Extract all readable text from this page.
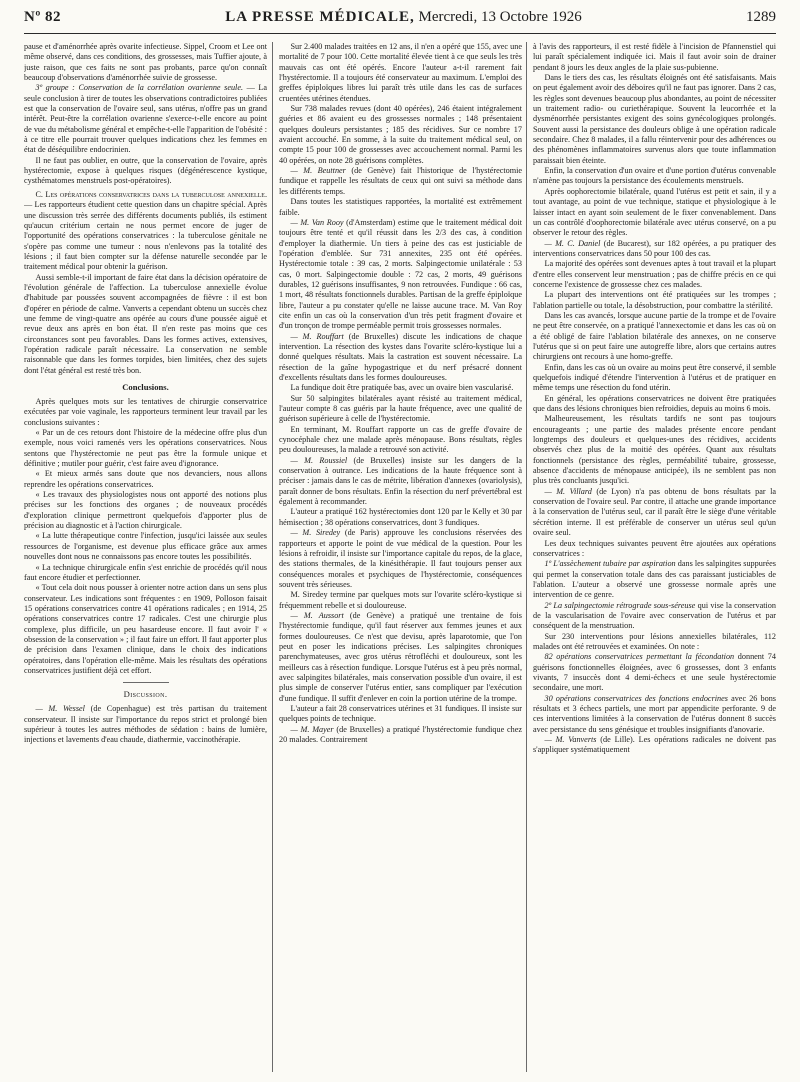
Nº 82	LA PRESSE MÉDICALE, Mercredi, 13 Octobre 1926	1289

pause et d'aménorrhée après ovarite infectieuse. Sippel, Croom et Lee ont même observé, dans ces conditions, des grossesses, mais Tuffier ajoute, à juste raison, que ces faits ne sont pas probants, parce qu'on connaît beaucoup d'observations d'aménorrhée suivie de grossesse.

3º groupe : Conservation de la corrélation ovarienne seule. — La seule conclusion à tirer de toutes les observations contradictoires publiées est que la conservation de l'ovaire seul, sans utérus, n'offre pas un grand intérêt. Peut-être la corrélation ovarienne s'exerce-t-elle encore au point de vue du métabolisme général et empêche-t-elle l'apparition de l'obésité : à ce titre elle pourrait trouver quelques indications chez les femmes en état de déséquilibre endocrinien.

Il ne faut pas oublier, en outre, que la conservation de l'ovaire, après hystérectomie, expose à quelques risques (dégénérescence kystique, cysthématomes menstruels post-opératoires).

C. Les opérations conservatrices dans la tuberculose annexielle. — Les rapporteurs étudient cette question dans un chapitre spécial. Après une discussion très serrée des différents documents publiés, ils estiment qu'aucun critérium certain ne nous permet encore de juger de l'opportunité des opérations conservatrices : la tuberculose génitale ne s'opère pas comme une tumeur : nous n'enlevons pas la totalité des lésions ; il faut bien compter sur la défense naturelle secondée par le traitement médical pour obtenir la guérison.

Aussi semble-t-il important de faire état dans la décision opératoire de l'évolution générale de l'affection. La tuberculose annexielle évolue d'habitude par poussées souvent accompagnées de fièvre : il est bon d'opérer en période de calme. Vanverts a cependant obtenu un succès chez une femme de vingt-quatre ans opérée au cours d'une poussée aiguë et revue deux ans après en bon état. Il n'en reste pas moins que ces circonstances sont peu favorables. Dans les formes actives, extensives, l'opération radicale paraît nécessaire. La conservation ne semble raisonnable que dans les formes torpides, bien limitées, chez des sujets dont l'état général est resté très bon.

Conclusions.

Après quelques mots sur les tentatives de chirurgie conservatrice exécutées par voie vaginale, les rapporteurs terminent leur travail par les conclusions suivantes :

« Par un de ces retours dont l'histoire de la médecine offre plus d'un exemple, nous voici ramenés vers les opérations conservatrices. Nous sentons que l'hystérectomie ne peut pas être la formule unique et définitive ; mutiler pour guérir, c'est faire aveu d'ignorance.

« Et mieux armés sans doute que nos devanciers, nous allons reprendre les opérations conservatrices.

« Les travaux des physiologistes nous ont apporté des notions plus précises sur les fonctions des organes ; de nouveaux procédés d'exploration clinique permettront quelquefois d'apporter plus de précision au diagnostic et à l'action chirurgicale.

« La lutte thérapeutique contre l'infection, jusqu'ici laissée aux seules ressources de l'organisme, est devenue plus efficace grâce aux armes nouvelles dont nous ne connaissons pas encore toutes les possibilités.

« La technique chirurgicale enfin s'est enrichie de procédés qu'il nous faut encore étudier et perfectionner.

« Tout cela doit nous pousser à orienter notre action dans un sens plus conservateur. Les indications sont fréquentes : en 1909, Polloson faisait 15 opérations conservatrices contre 41 opérations radicales ; en 1914, 25 opérations conservatrices contre 17 radicales. C'est une chirurgie plus complexe, plus difficile, un peu hasardeuse encore. Il faut avoir l' « obsession de la conservation » ; il faut faire un effort. Il faut apporter plus de précision dans l'examen clinique, dans le choix des indications opératoires, dans l'opération elle-même. Mais les résultats des opérations conservatrices justifient déjà cet effort.

Discussion.

— M. Wessel (de Copenhague) est très partisan du traitement conservateur. Il insiste sur l'importance du repos strict et prolongé bien supérieur à toutes les autres méthodes de sédation : bains de lumière, injections et lavements d'eau chaude, diathermie, vaccinothérapie.

Sur 2.400 malades traitées en 12 ans, il n'en a opéré que 155, avec une mortalité de 7 pour 100. Cette mortalité élevée tient à ce que seuls les très mauvais cas ont été opérés. Encore l'auteur a-t-il rarement fait l'hystérectomie. Il a toujours été conservateur au maximum. L'emploi des greffes épiploïques libres lui paraît très utile dans les cas de surfaces cruentées utérines étendues.

Sur 738 malades revues (dont 40 opérées), 246 étaient intégralement guéries et 86 avaient eu des grossesses normales ; 148 présentaient quelques douleurs persistantes ; 185 des récidives. Sur ce nombre 17 avaient accouché. En somme, à la suite du traitement médical seul, on compte 15 pour 100 de grossesses avec accouchement normal. Parmi les 40 opérées, on note 28 guérisons complètes.

— M. Beuttner (de Genève) fait l'historique de l'hystérectomie fundique et rappelle les résultats de ceux qui ont suivi sa méthode dans les différents temps.

Dans toutes les statistiques rapportées, la mortalité est extrêmement faible.

— M. Van Rooy (d'Amsterdam) estime que le traitement médical doit toujours être tenté et qu'il réussit dans les 2/3 des cas, à condition d'employer la diathermie. Un tiers à peine des cas est justiciable de l'opération d'emblée. Sur 731 annexites, 235 ont été opérées. Hystérectomie totale : 39 cas, 2 morts. Salpingectomie unilatérale : 53 cas, 0 mort. Salpingectomie double : 72 cas, 2 morts, 49 guérisons durables, 12 guérisons insuffisantes, 9 non retrouvées. Fundique : 66 cas, 1 mort, 48 résultats fonctionnels durables. Partisan de la greffe épiploïque libre, l'auteur a pu constater qu'elle ne laisse aucune trace. M. Van Roy cite enfin un cas où la conservation d'un très petit fragment d'ovaire et d'un tronçon de trompe perméable permit trois grossesses normales.

— M. Rouffart (de Bruxelles) discute les indications de chaque intervention. La résection des kystes dans l'ovarite scléro-kystique lui a donné quelques résultats. Mais la castration est souvent nécessaire. La résection de la gaîne hypogastrique et du nerf présacré donnent d'excellents résultats dans les formes douloureuses.

La fundique doit être pratiquée bas, avec un ovaire bien vascularisé.

Sur 50 salpingites bilatérales ayant résisté au traitement médical, l'auteur compte 8 cas guéris par la haute fréquence, avec une qualité de guérison supérieure à celle de l'hystérectomie.

En terminant, M. Rouffart rapporte un cas de greffe d'ovaire de cynocéphale chez une malade après ménopause. Bons résultats, règles peu douloureuses, la malade a retrouvé son activité.

— M. Roussiel (de Bruxelles) insiste sur les dangers de la conservation à outrance. Les indications de la haute fréquence sont à préciser : jamais dans le cas de métrite, libération d'annexes (ovariolysis), paraît donner de bons résultats. Enfin la résection du nerf prévertébral est également à recommander.

L'auteur a pratiqué 162 hystérectomies dont 120 par le Kelly et 30 par hémisection ; 38 opérations conservatrices, dont 3 fundiques.

— M. Siredey (de Paris) approuve les conclusions réservées des rapporteurs et apporte le point de vue médical de la question. Pour les lésions à refroidir, il insiste sur l'importance capitale du repos, de la glace, des stations thermales, de la kinésithérapie. Il faut toujours penser aux conséquences morales et psychiques de l'hystérectomie, conséquences souvent très sérieuses.

M. Siredey termine par quelques mots sur l'ovarite scléro-kystique si fréquemment rebelle et si douloureuse.

— M. Aussort (de Genève) a pratiqué une trentaine de fois l'hystérectomie fundique, qu'il faut réserver aux femmes jeunes et aux formes douloureuses. Ce n'est que devisu, après laparotomie, que l'on peut en poser les indications précises. Les salpingites chroniques parenchymateuses, avec gros utérus rétrofléchi et douloureux, sont les meilleurs cas à résection fundique. Lorsque l'utérus est à peu près normal, avec salpingites bilatérales, mais conservation possible d'un ovaire, il est plus simple de conserver l'utérus entier, sans compliquer par l'exécution d'une fundique. Il suffit d'enlever en coin la portion utérine de la trompe.

L'auteur a fait 28 conservatrices utérines et 31 fundiques. Il insiste sur quelques points de technique.

— M. Mayer (de Bruxelles) a pratiqué l'hystérectomie fundique chez 20 malades. Contrairement

à l'avis des rapporteurs, il est resté fidèle à l'incision de Pfannenstiel qui lui paraît spécialement indiquée ici. Mais il faut avoir soin de drainer pendant 8 jours les deux angles de la plaie sus-pubienne.

Dans le tiers des cas, les résultats éloignés ont été satisfaisants. Mais on peut également avoir des déboires qu'il ne faut pas ignorer. Dans 2 cas, les règles sont devenues beaucoup plus abondantes, au point de nécessiter un traitement radio- ou curiethérapique. Souvent la leucorrhée et la dysménorrhée persistantes exigent des soins gynécologiques prolongés. Souvent aussi la persistance des douleurs oblige à une opération radicale secondaire. Chez 8 malades, il a fallu réintervenir pour des adhérences ou des phénomènes inflammatoires survenus alors que toute inflammation paraissait bien éteinte.

Enfin, la conservation d'un ovaire et d'une portion d'utérus convenable n'amène pas toujours la persistance des écoulements menstruels.

Après oophorectomie bilatérale, quand l'utérus est petit et sain, il y a tout avantage, au point de vue technique, statique et physiologique à le laisser intact en ayant soin seulement de le fixer convenablement. Dans un cas contrôlé d'oophorectomie bilatérale avec utérus conservé, on a pu observer le retour des règles.

— M. C. Daniel (de Bucarest), sur 182 opérées, a pu pratiquer des interventions conservatrices dans 50 pour 100 des cas.

La majorité des opérées sont devenues aptes à tout travail et la plupart d'entre elles conservent leur menstruation ; pas de chiffre précis en ce qui concerne l'existence de grossesse chez ces malades.

La plupart des interventions ont été pratiquées sur les trompes ; l'ablation partielle ou totale, la désobstruction, pour combattre la stérilité.

Dans les cas avancés, lorsque aucune partie de la trompe et de l'ovaire ne peut être conservée, on a pratiqué l'annexectomie et dans les cas où on a été obligé de faire l'ablation bilatérale des annexes, on ne conserve l'utérus que si on peut faire une autogreffe libre, alors que certains autres chirurgiens ont recours à une homo-greffe.

Enfin, dans les cas où un ovaire au moins peut être conservé, il semble quelquefois indiqué d'étendre l'intervention à l'utérus et de pratiquer en même temps une résection du fond utérin.

En général, les opérations conservatrices ne doivent être pratiquées que dans des lésions chroniques bien refroidies, depuis au moins 6 mois.

Malheureusement, les résultats tardifs ne sont pas toujours encourageants ; une partie des malades présente encore pendant longtemps des douleurs et quelques-unes des récidives, accidents observés chez plus de la moitié des opérées. Quant aux résultats fonctionnels (persistance des règles, perméabilité tubaire, grossesse, absence d'accidents de ménopause anticipée), ils ne semblent pas non plus très concluants jusqu'ici.

— M. Villard (de Lyon) n'a pas obtenu de bons résultats par la conservation de l'ovaire seul. Par contre, il attache une grande importance à la conservation de l'utérus seul, car il paraît être le siège d'une véritable sécrétion interne. Il est préférable de conserver un utérus seul qu'un ovaire seul.

Les deux techniques suivantes peuvent être ajoutées aux opérations conservatrices :

1º L'assèchement tubaire par aspiration dans les salpingites suppurées qui permet la conservation totale dans des cas paraissant justiciables de l'ablation. L'auteur a observé une grossesse normale après une intervention de ce genre.

2º La salpingectomie rétrograde sous-séreuse qui vise la conservation de la vascularisation de l'ovaire avec conservation de l'utérus et par conséquent de la menstruation.

Sur 230 interventions pour lésions annexielles bilatérales, 112 malades ont été retrouvées et examinées. On note :

82 opérations conservatrices permettant la fécondation donnent 74 guérisons fonctionnelles éloignées, avec 6 grossesses, dont 3 enfants vivants, 7 insuccès dont 4 demi-échecs et une seule hystérectomie secondaire, une mort.

30 opérations conservatrices des fonctions endocrines avec 26 bons résultats et 3 échecs partiels, une mort par appendicite perforante. 9 de ces interventions limitées à la conservation de l'utérus donnent 8 succès avec persistance du sens génésique et troubles insignifiants d'anovarie.

— M. Vanverts (de Lille). Les opérations radicales ne doivent pas s'appliquer systématiquement
